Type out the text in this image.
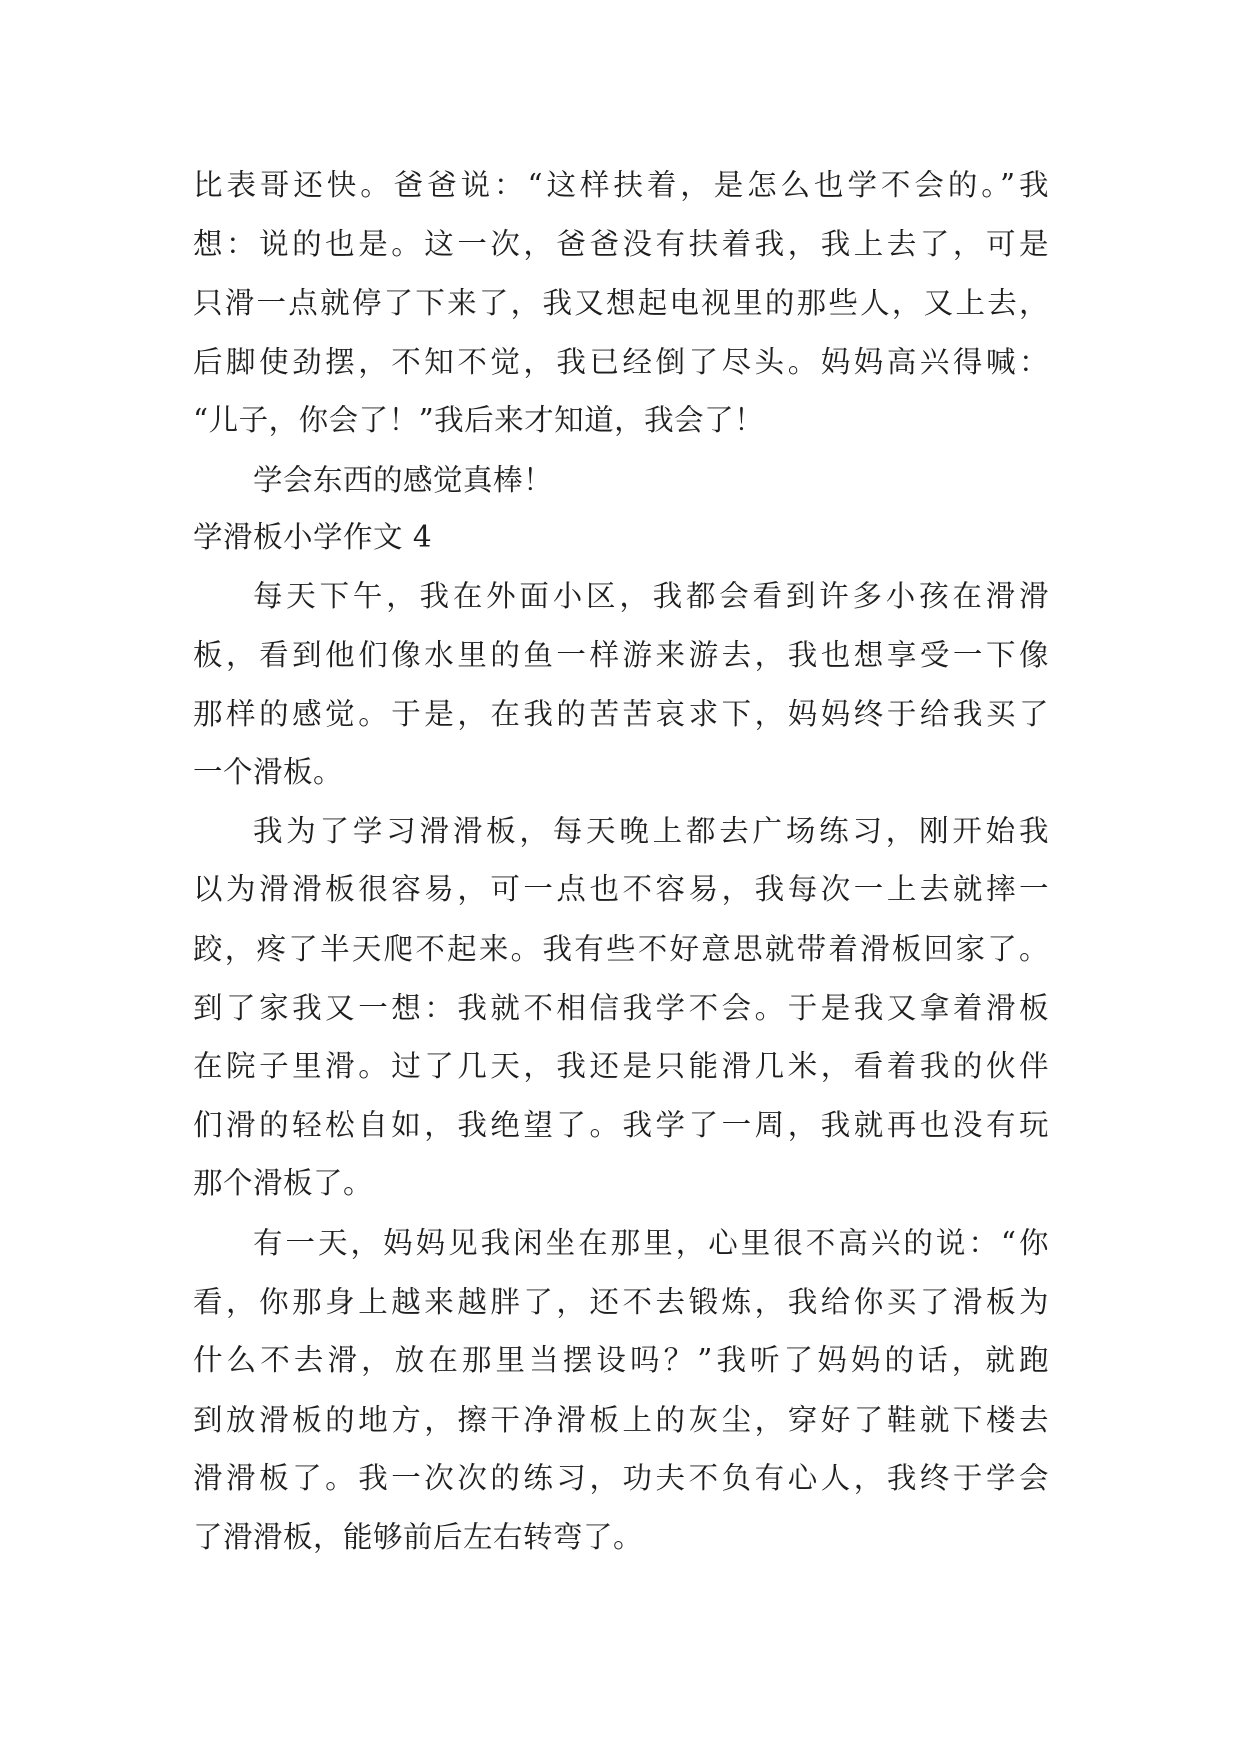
比表哥还快。爸爸说：“这样扶着，是怎么也学不会的。”我
想：说的也是。这一次，爸爸没有扶着我，我上去了，可是
只滑一点就停了下来了，我又想起电视里的那些人，又上去，
后脚使劲摆，不知不觉，我已经倒了尽头。妈妈高兴得喊：
“儿子，你会了！”我后来才知道，我会了！
学会东西的感觉真棒！
学滑板小学作文 4
每天下午，我在外面小区，我都会看到许多小孩在滑滑
板，看到他们像水里的鱼一样游来游去，我也想享受一下像
那样的感觉。于是，在我的苦苦哀求下，妈妈终于给我买了
一个滑板。
我为了学习滑滑板，每天晚上都去广场练习，刚开始我
以为滑滑板很容易，可一点也不容易，我每次一上去就摔一
跤，疼了半天爬不起来。我有些不好意思就带着滑板回家了。
到了家我又一想：我就不相信我学不会。于是我又拿着滑板
在院子里滑。过了几天，我还是只能滑几米，看着我的伙伴
们滑的轻松自如，我绝望了。我学了一周，我就再也没有玩
那个滑板了。
有一天，妈妈见我闲坐在那里，心里很不高兴的说：“你
看，你那身上越来越胖了，还不去锻炼，我给你买了滑板为
什么不去滑，放在那里当摆设吗？”我听了妈妈的话，就跑
到放滑板的地方，擦干净滑板上的灰尘，穿好了鞋就下楼去
滑滑板了。我一次次的练习，功夫不负有心人，我终于学会
了滑滑板，能够前后左右转弯了。
